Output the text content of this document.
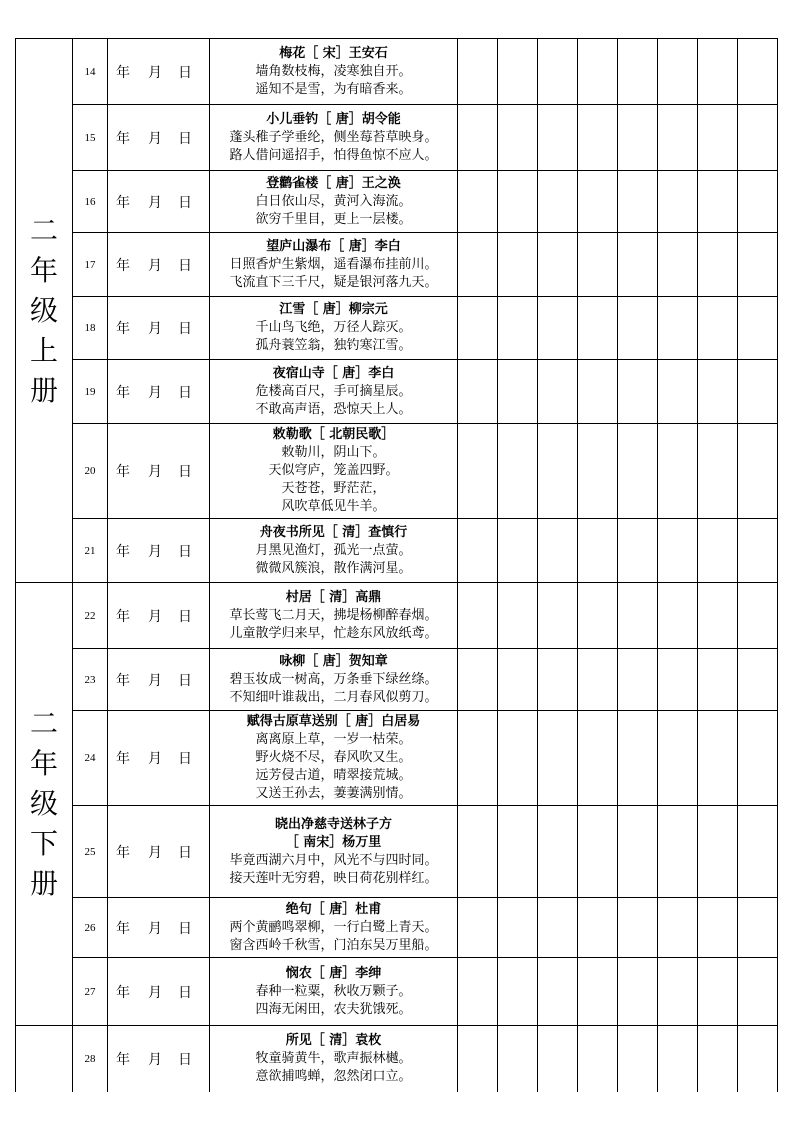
二年级上册	14	年 月 日	梅花［ 宋］王安石
墙角数枝梅，凌寒独自开。
遥知不是雪，为有暗香来。								

	15	年 月 日	小儿垂钓［ 唐］胡令能
蓬头稚子学垂纶，侧坐莓苔草映身。
路人借问遥招手，怕得鱼惊不应人。								

	16	年 月 日	登鹳雀楼［ 唐］王之涣
白日依山尽，黄河入海流。
欲穷千里目，更上一层楼。								

	17	年 月 日	望庐山瀑布［ 唐］李白
日照香炉生紫烟，遥看瀑布挂前川。
飞流直下三千尺，疑是银河落九天。								

	18	年 月 日	江雪［ 唐］柳宗元
千山鸟飞绝，万径人踪灭。
孤舟蓑笠翁，独钓寒江雪。								

	19	年 月 日	夜宿山寺［ 唐］李白
危楼高百尺，手可摘星辰。
不敢高声语，恐惊天上人。								

	20	年 月 日	敕勒歌［ 北朝民歌］
敕勒川，阴山下。
天似穹庐，笼盖四野。
天苍苍，野茫茫，
风吹草低见牛羊。								

	21	年 月 日	舟夜书所见［ 清］查慎行
月黑见渔灯，孤光一点萤。
微微风簇浪，散作满河星。								

二年级下册	22	年 月 日	村居［ 清］高鼎
草长莺飞二月天，拂堤杨柳醉春烟。
儿童散学归来早，忙趁东风放纸鸢。								

	23	年 月 日	咏柳［ 唐］贺知章
碧玉妆成一树高，万条垂下绿丝绦。
不知细叶谁裁出，二月春风似剪刀。								

	24	年 月 日	赋得古原草送别［ 唐］白居易
离离原上草，一岁一枯荣。
野火烧不尽，春风吹又生。
远芳侵古道，晴翠接荒城。
又送王孙去，萋萋满别情。								

	25	年 月 日	晓出净慈寺送林子方
［ 南宋］杨万里
毕竟西湖六月中，风光不与四时同。
接天莲叶无穷碧，映日荷花别样红。								

	26	年 月 日	绝句［ 唐］杜甫
两个黄鹂鸣翠柳，一行白鹭上青天。
窗含西岭千秋雪，门泊东吴万里船。								

	27	年 月 日	悯农［ 唐］李绅
春种一粒粟，秋收万颗子。
四海无闲田，农夫犹饿死。								

	28	年 月 日	所见［ 清］袁枚
牧童骑黄牛，歌声振林樾。
意欲捕鸣蝉，忽然闭口立。								
